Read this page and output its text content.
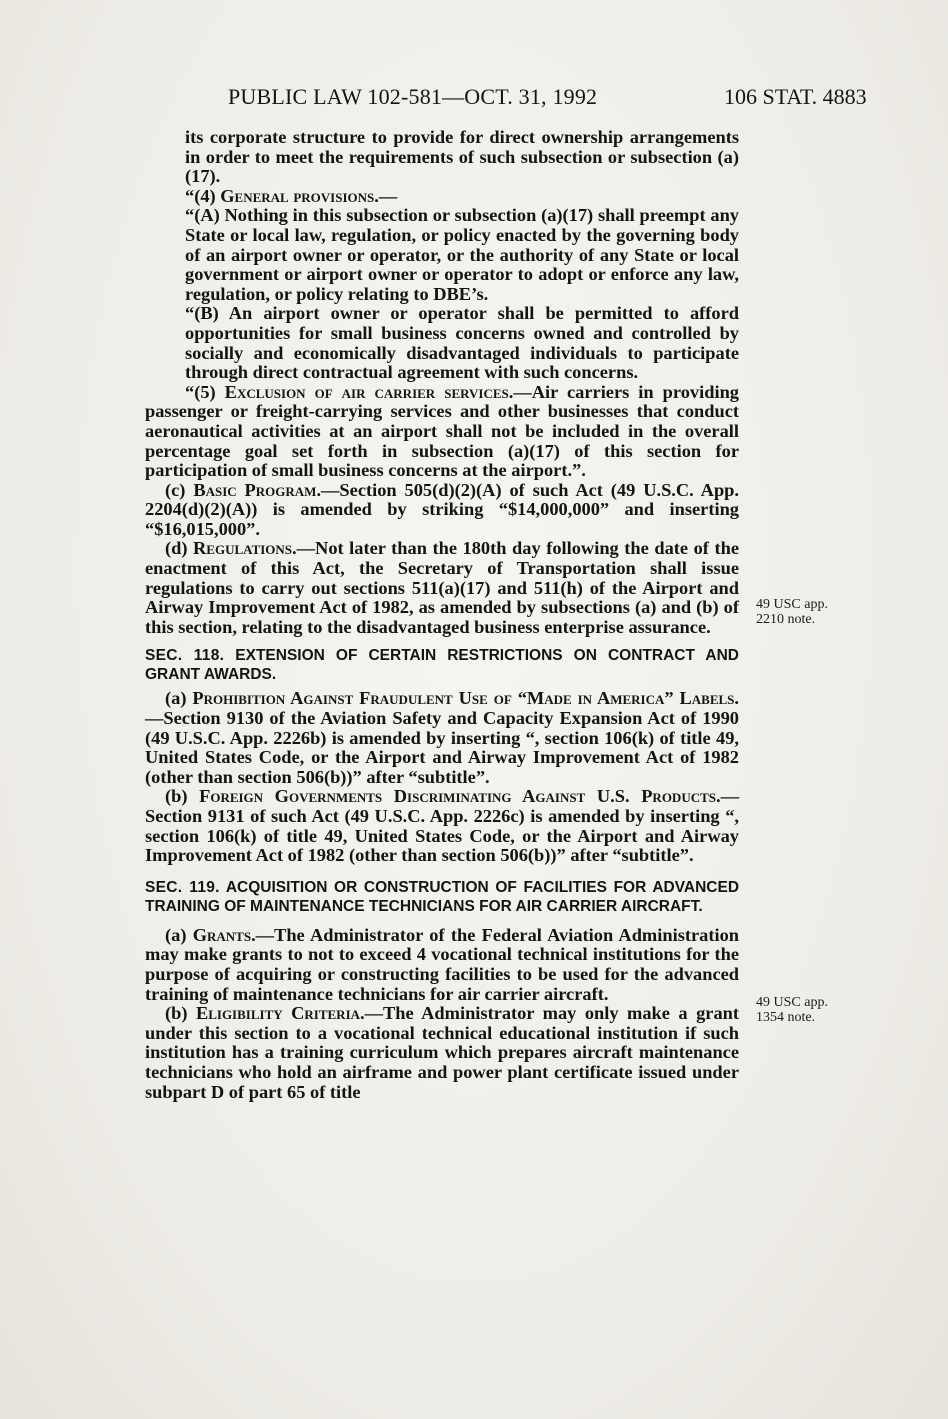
PUBLIC LAW 102-581—OCT. 31, 1992	106 STAT. 4883
49 USC app.
2210 note.
49 USC app.
1354 note.

its corporate structure to provide for direct ownership arrangements in order to meet the requirements of such subsection or subsection (a)(17).

“(4) General provisions.—

“(A) Nothing in this subsection or subsection (a)(17) shall preempt any State or local law, regulation, or policy enacted by the governing body of an airport owner or operator, or the authority of any State or local government or airport owner or operator to adopt or enforce any law, regulation, or policy relating to DBE’s.

“(B) An airport owner or operator shall be permitted to afford opportunities for small business concerns owned and controlled by socially and economically disadvantaged individuals to participate through direct contractual agreement with such concerns.

“(5) Exclusion of air carrier services.—Air carriers in providing passenger or freight-carrying services and other businesses that conduct aeronautical activities at an airport shall not be included in the overall percentage goal set forth in subsection (a)(17) of this section for participation of small business concerns at the airport.”.

(c) Basic Program.—Section 505(d)(2)(A) of such Act (49 U.S.C. App. 2204(d)(2)(A)) is amended by striking “$14,000,000” and inserting “$16,015,000”.

(d) Regulations.—Not later than the 180th day following the date of the enactment of this Act, the Secretary of Transportation shall issue regulations to carry out sections 511(a)(17) and 511(h) of the Airport and Airway Improvement Act of 1982, as amended by subsections (a) and (b) of this section, relating to the disadvantaged business enterprise assurance.

SEC. 118. EXTENSION OF CERTAIN RESTRICTIONS ON CONTRACT AND GRANT AWARDS.

(a) Prohibition Against Fraudulent Use of “Made in America” Labels.—Section 9130 of the Aviation Safety and Capacity Expansion Act of 1990 (49 U.S.C. App. 2226b) is amended by inserting “, section 106(k) of title 49, United States Code, or the Airport and Airway Improvement Act of 1982 (other than section 506(b))” after “subtitle”.

(b) Foreign Governments Discriminating Against U.S. Products.—Section 9131 of such Act (49 U.S.C. App. 2226c) is amended by inserting “, section 106(k) of title 49, United States Code, or the Airport and Airway Improvement Act of 1982 (other than section 506(b))” after “subtitle”.

SEC. 119. ACQUISITION OR CONSTRUCTION OF FACILITIES FOR ADVANCED TRAINING OF MAINTENANCE TECHNICIANS FOR AIR CARRIER AIRCRAFT.

(a) Grants.—The Administrator of the Federal Aviation Administration may make grants to not to exceed 4 vocational technical institutions for the purpose of acquiring or constructing facilities to be used for the advanced training of maintenance technicians for air carrier aircraft.

(b) Eligibility Criteria.—The Administrator may only make a grant under this section to a vocational technical educational institution if such institution has a training curriculum which prepares aircraft maintenance technicians who hold an airframe and power plant certificate issued under subpart D of part 65 of title
